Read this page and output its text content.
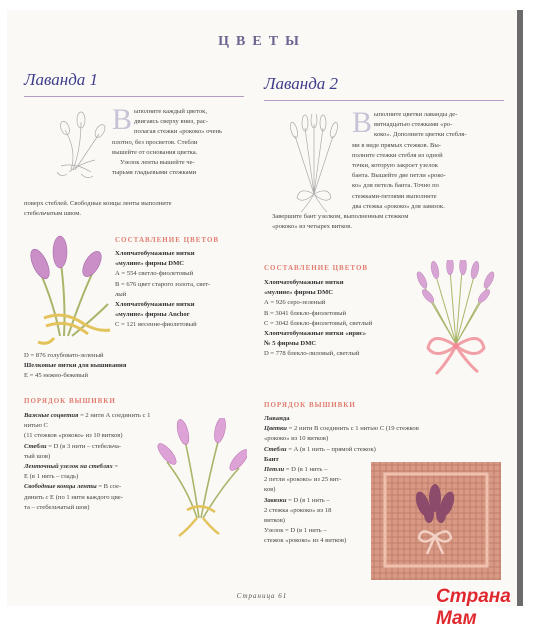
ЦВЕТЫ
Лаванда 1
В ыполните каждый цветок,

двигаясь сверху вниз, рас-

полагая стежки «рококо» очень

плотно, без просветов. Стебли

вышейте от основания цветка.

Узелок ленты вышейте че-

тырьмя гладьевыми стежками

поверх стеблей. Свободные концы ленты выполните

стебельчатым швом.

СОСТАВЛЕНИЕ ЦВЕТОВ

Хлопчатобумажные нитки

«мулине» фирмы DMC

А = 554 светло-фиолетовый

В = 676 цвет старого золота, свет-

лый

Хлопчатобумажные нитки

«мулине» фирмы Anchor

С = 121 весенне-фиолетовый

D = 876 голубовато-зеленый

Шелковые нитки для вышивания

Е = 45 нежно-бежевый

ПОРЯДОК ВЫШИВКИ

Важные соцветия = 2 нити А соединить с 1 нитью С

(11 стежков «рококо» из 10 витков)

Стебли = D (в 3 нити – стебельча-

тый шов)

Ленточный узелок на стеблях =

Е (в 1 нить – гладь)

Свободные концы ленты = В сое-

динить с Е (по 1 нити каждого цве-

та – стебельчатый шов)

Лаванда 2
В ыполните цветки лаванды де-

вятнадцатью стежками «ро-

коко». Дополните цветки стебля-

ми в виде прямых стежков. Вы-

полните стежки стебля из одной

точки, которую закроет узелок

банта. Вышейте две петли «роко-

ко» для петель банта. Точно по

стежками-петлями выполните

два стежка «рококо» для завязок.

Завершите бант узелком, выполненным стежком

«рококо» из четырех витков.

СОСТАВЛЕНИЕ ЦВЕТОВ

Хлопчатобумажные нитки

«мулине» фирмы DMC

А = 926 серо-зеленый

В = 3041 блекло-фиолетовый

С = 3042 блекло-фиолетовый, светлый

Хлопчатобумажные нитки «ирис»

№ 5 фирмы DMC

D = 778 блекло-лиловый, светлый

ПОРЯДОК ВЫШИВКИ

Лаванда

Цветки = 2 нити В соединить с 1 нитью С (19 стежков

«рококо» из 10 витков)

Стебли = А (в 1 нить – прямой стежок)

Бант

Петли = D (в 1 нить –

2 петли «рококо» из 25 вит-

ков)

Завязки = D (в 1 нить –

2 стежка «рококо» из 18

витков)

Узелок = D (в 1 нить –

стежок «рококо» из 4 витков)

Страница 61	Страна Мам
